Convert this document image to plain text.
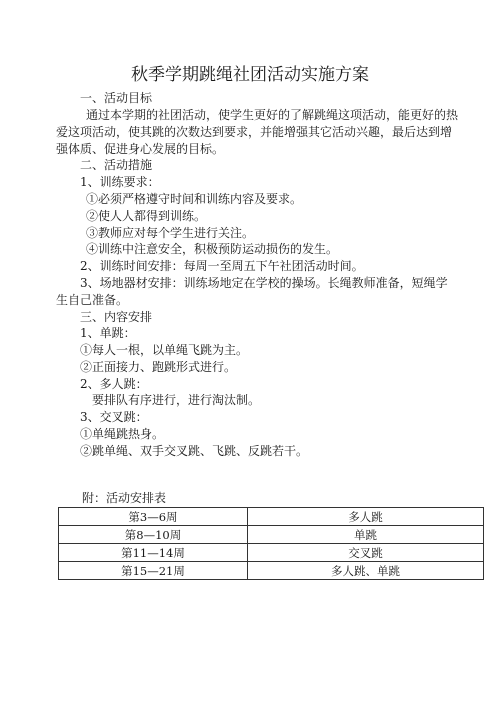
秋季学期跳绳社团活动实施方案
一、活动目标
通过本学期的社团活动，使学生更好的了解跳绳这项活动，能更好的热
爱这项活动，使其跳的次数达到要求，并能增强其它活动兴趣，最后达到增
强体质、促进身心发展的目标。
二、活动措施
1、训练要求：
①必须严格遵守时间和训练内容及要求。
②使人人都得到训练。
③教师应对每个学生进行关注。
④训练中注意安全，积极预防运动损伤的发生。
2、训练时间安排：每周一至周五下午社团活动时间。
3、场地器材安排：训练场地定在学校的操场。长绳教师准备，短绳学
生自己准备。
三、内容安排
1、单跳：
①每人一根，以单绳飞跳为主。
②正面接力、跑跳形式进行。
2、多人跳：
要排队有序进行，进行淘汰制。
3、交叉跳：
①单绳跳热身。
②跳单绳、双手交叉跳、飞跳、反跳若干。
附：活动安排表
第3—6周	多人跳
第8—10周	单跳
第11—14周	交叉跳
第15—21周	多人跳、单跳
